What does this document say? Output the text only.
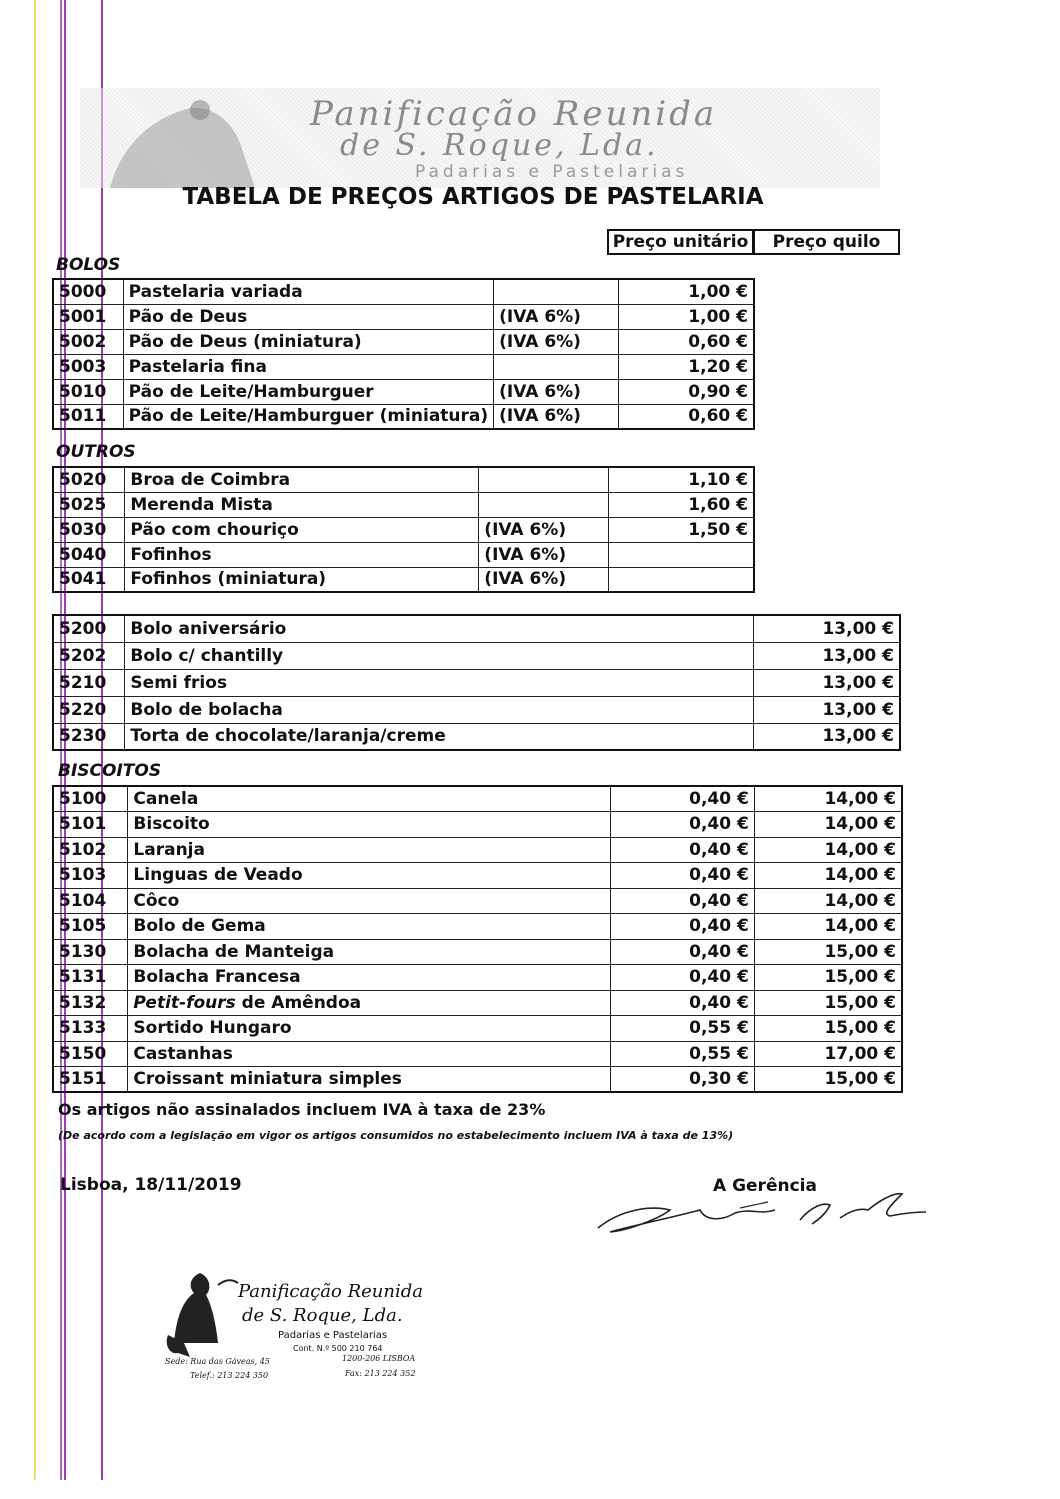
Panificação Reunida
de S. Roque, Lda.
Padarias e Pastelarias
TABELA DE PREÇOS ARTIGOS DE PASTELARIA
Preço unitário	Preço quilo
BOLOS
5000	Pastelaria variada		1,00 €
5001	Pão de Deus	(IVA 6%)	1,00 €
5002	Pão de Deus (miniatura)	(IVA 6%)	0,60 €
5003	Pastelaria fina		1,20 €
5010	Pão de Leite/Hamburguer	(IVA 6%)	0,90 €
5011	Pão de Leite/Hamburguer (miniatura)	(IVA 6%)	0,60 €
OUTROS
5020	Broa de Coimbra		1,10 €
5025	Merenda Mista		1,60 €
5030	Pão com chouriço	(IVA 6%)	1,50 €
5040	Fofinhos	(IVA 6%)	
5041	Fofinhos (miniatura)	(IVA 6%)	
5200	Bolo aniversário	13,00 €
5202	Bolo c/ chantilly	13,00 €
5210	Semi frios	13,00 €
5220	Bolo de bolacha	13,00 €
5230	Torta de chocolate/laranja/creme	13,00 €
BISCOITOS
5100	Canela	0,40 €	14,00 €
5101	Biscoito	0,40 €	14,00 €
5102	Laranja	0,40 €	14,00 €
5103	Linguas de Veado	0,40 €	14,00 €
5104	Côco	0,40 €	14,00 €
5105	Bolo de Gema	0,40 €	14,00 €
5130	Bolacha de Manteiga	0,40 €	15,00 €
5131	Bolacha Francesa	0,40 €	15,00 €
5132	Petit-fours de Amêndoa	0,40 €	15,00 €
5133	Sortido Hungaro	0,55 €	15,00 €
5150	Castanhas	0,55 €	17,00 €
5151	Croissant miniatura simples	0,30 €	15,00 €
Os artigos não assinalados incluem IVA à taxa de 23%
(De acordo com a legislação em vigor os artigos consumidos no estabelecimento incluem IVA à taxa de 13%)
Lisboa, 18/11/2019	A Gerência
Panificação Reunida
de S. Roque, Lda.
Padarias e Pastelarias
Cont. N.º 500 210 764
Sede: Rua das Gáveas, 45	1200-206 LISBOA
Telef.: 213 224 350	Fax: 213 224 352
